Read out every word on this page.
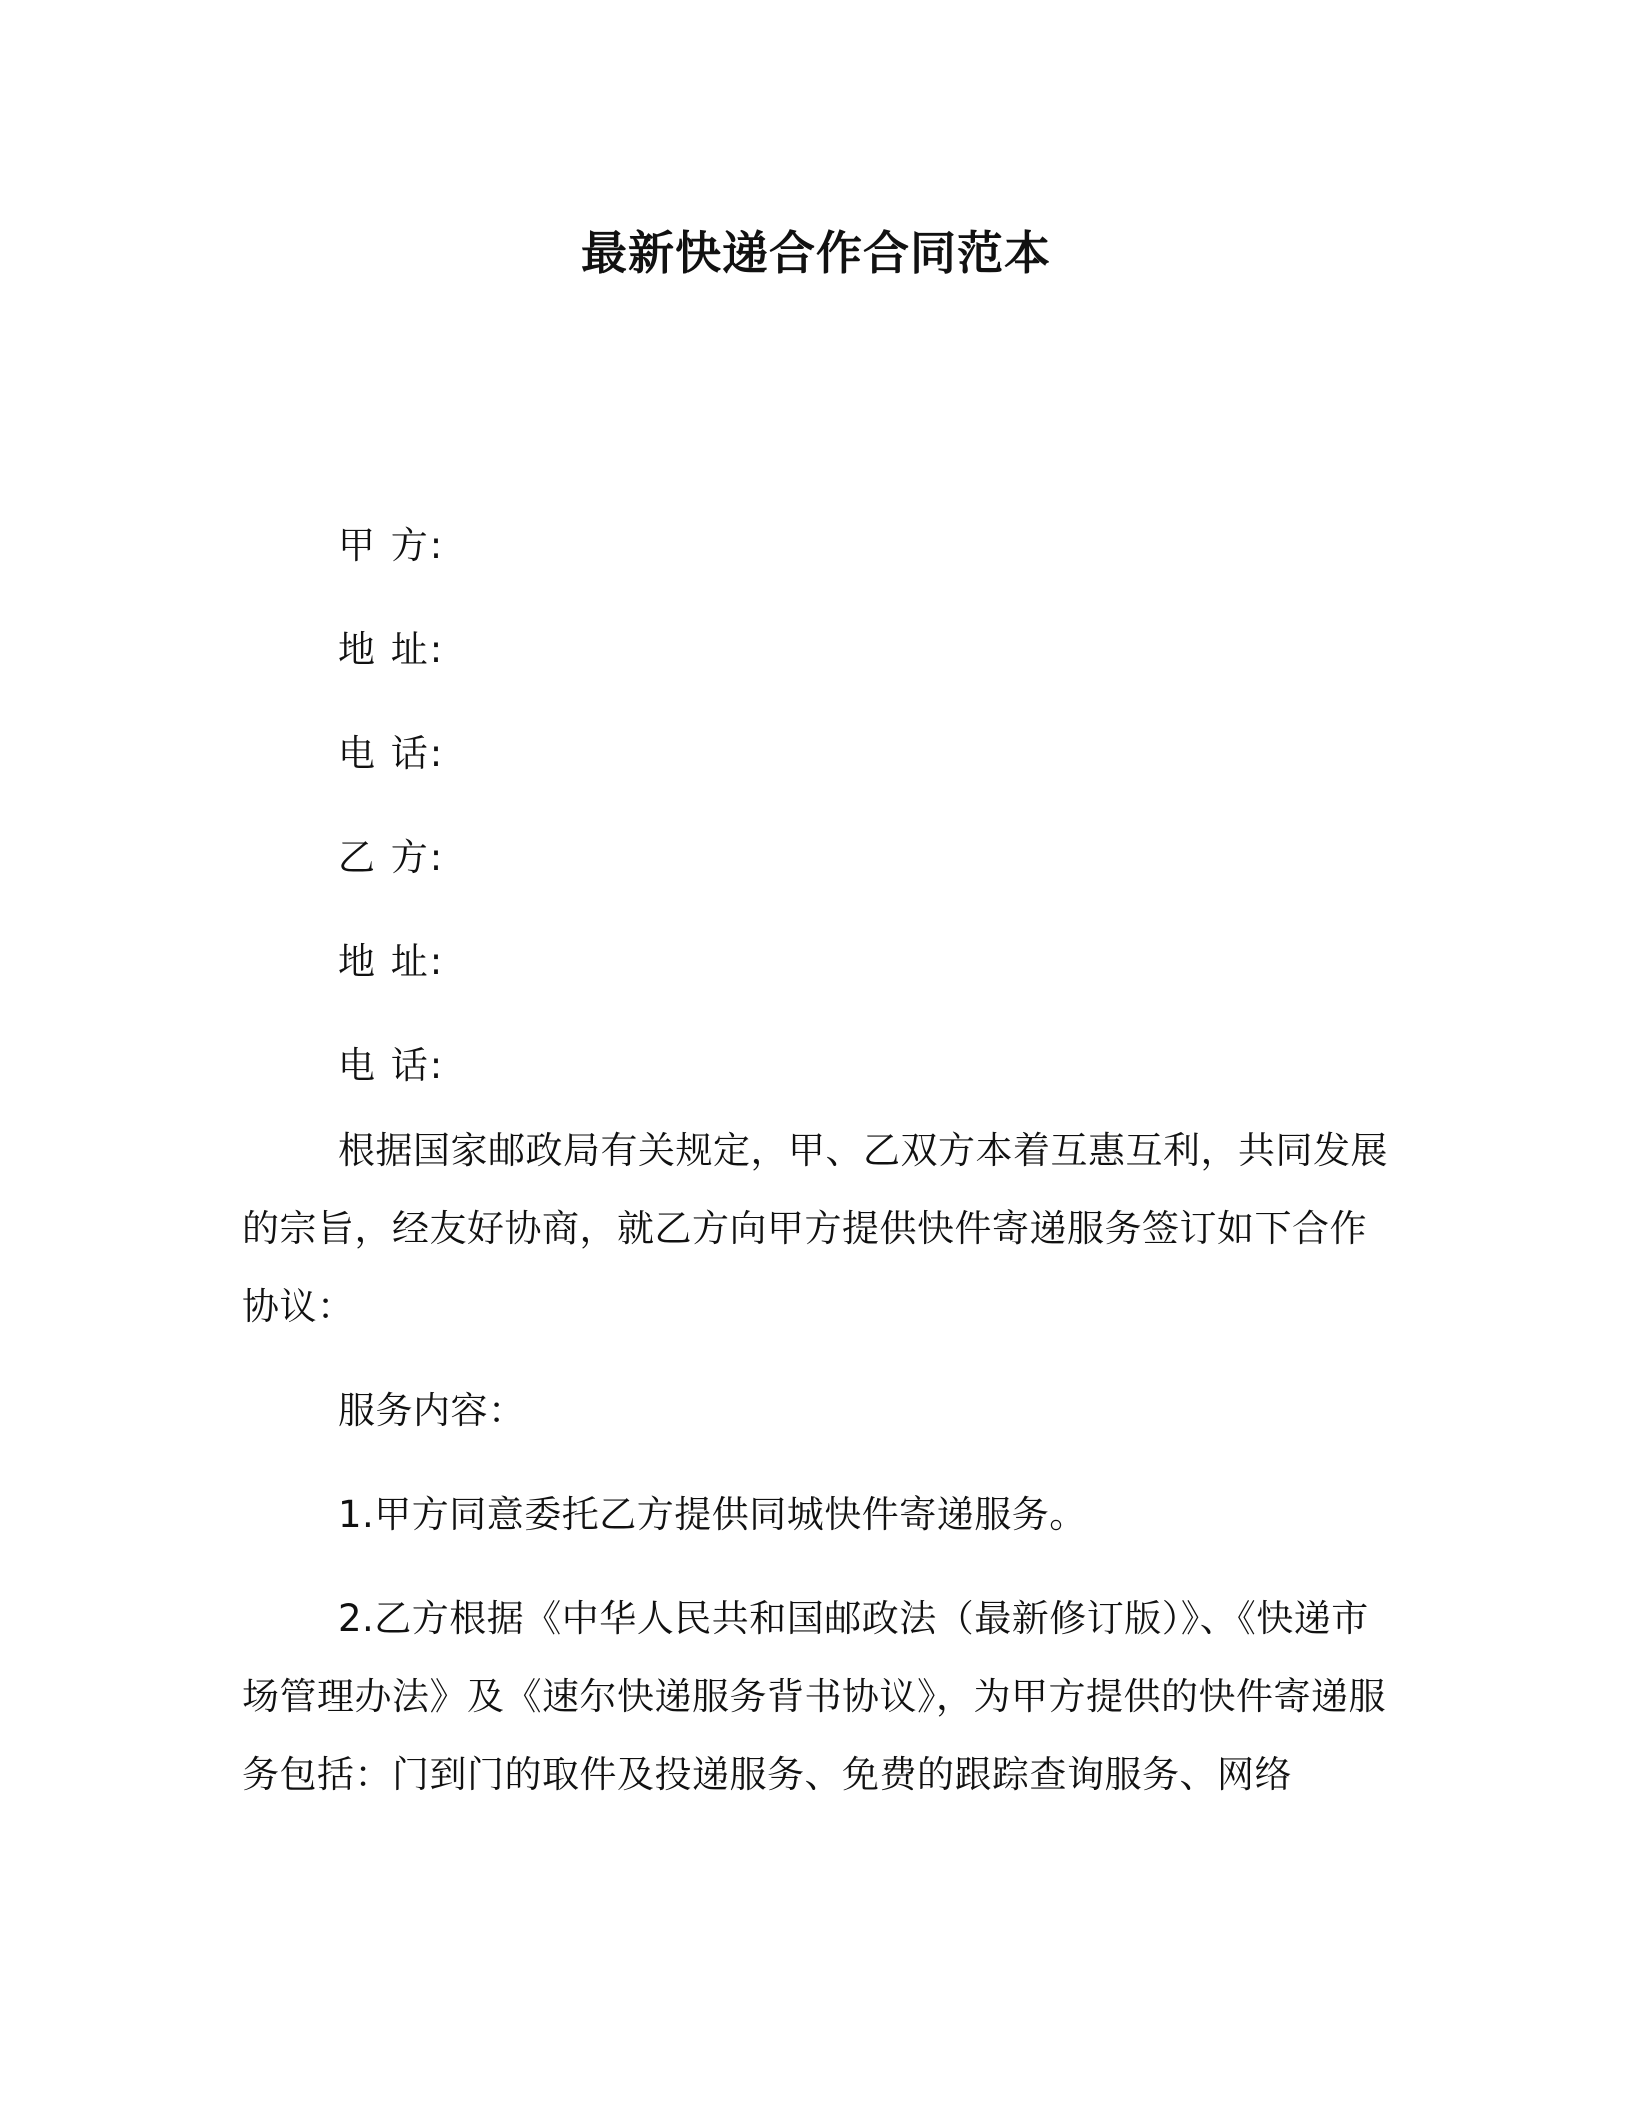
最新快递合作合同范本
甲 方:
地 址:
电 话:
乙 方:
地 址:
电 话:

根据国家邮政局有关规定，甲、乙双方本着互惠互利，共同发展的宗旨，经友好协商，就乙方向甲方提供快件寄递服务签订如下合作协议：

服务内容：

1.甲方同意委托乙方提供同城快件寄递服务。

2.乙方根据《中华人民共和国邮政法（最新修订版）》、《快递市场管理办法》及《速尔快递服务背书协议》，为甲方提供的快件寄递服务包括：门到门的取件及投递服务、免费的跟踪查询服务、网络
